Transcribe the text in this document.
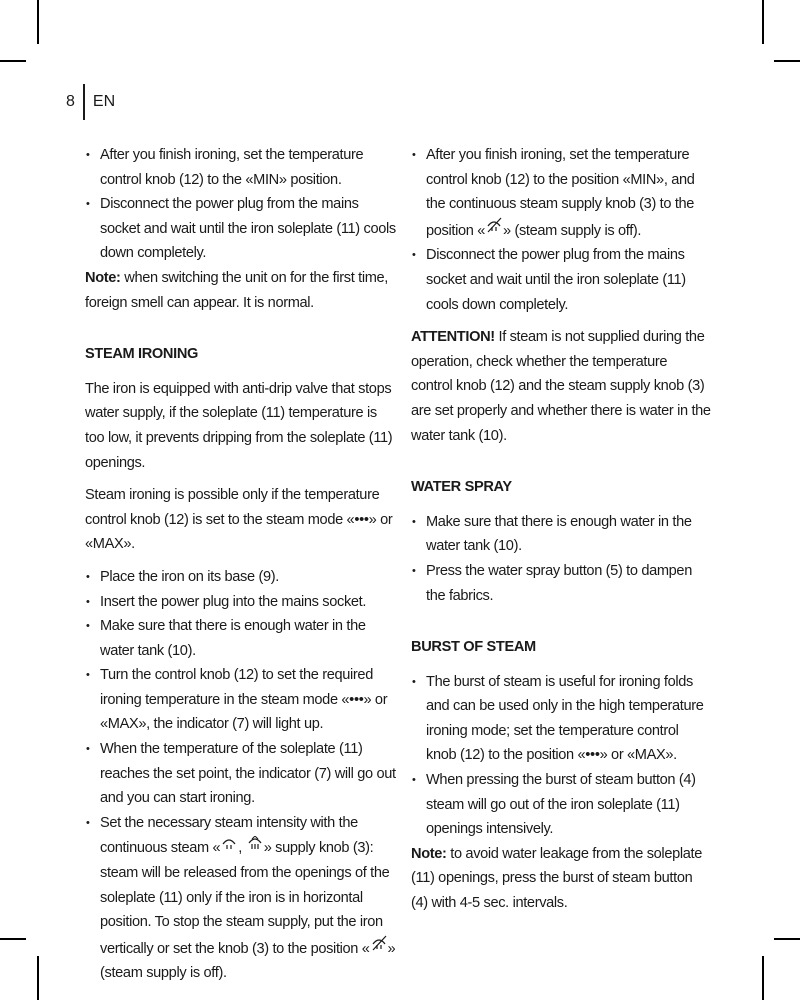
8	EN
• After you finish ironing, set the temperature control knob (12) to the «MIN» position.
• Disconnect the power plug from the mains socket and wait until the iron soleplate (11) cools down completely.

Note: when switching the unit on for the first time, foreign smell can appear. It is normal.

STEAM IRONING

The iron is equipped with anti-drip valve that stops water supply, if the soleplate (11) temperature is too low, it prevents dripping from the soleplate (11) openings.

Steam ironing is possible only if the temperature control knob (12) is set to the steam mode «•••» or «MAX».

• Place the iron on its base (9).
• Insert the power plug into the mains socket.
• Make sure that there is enough water in the water tank (10).
• Turn the control knob (12) to set the required ironing temperature in the steam mode «•••» or «MAX», the indicator (7) will light up.
• When the temperature of the soleplate (11) reaches the set point, the indicator (7) will go out and you can start ironing.
• Set the necessary steam intensity with the continuous steam « , » supply knob (3): steam will be released from the openings of the soleplate (11) only if the iron is in horizontal position. To stop the steam supply, put the iron vertically or set the knob (3) to the position « » (steam supply is off).
• After you finish ironing, set the temperature control knob (12) to the position «MIN», and the continuous steam supply knob (3) to the position « » (steam supply is off).
• Disconnect the power plug from the mains socket and wait until the iron soleplate (11) cools down completely.

ATTENTION! If steam is not supplied during the operation, check whether the temperature control knob (12) and the steam supply knob (3) are set properly and whether there is water in the water tank (10).

WATER SPRAY
• Make sure that there is enough water in the water tank (10).
• Press the water spray button (5) to dampen the fabrics.
BURST OF STEAM
• The burst of steam is useful for ironing folds and can be used only in the high temperature ironing mode; set the temperature control knob (12) to the position «•••» or «MAX».
• When pressing the burst of steam button (4) steam will go out of the iron soleplate (11) openings intensively.

Note: to avoid water leakage from the soleplate (11) openings, press the burst of steam button (4) with 4-5 sec. intervals.
